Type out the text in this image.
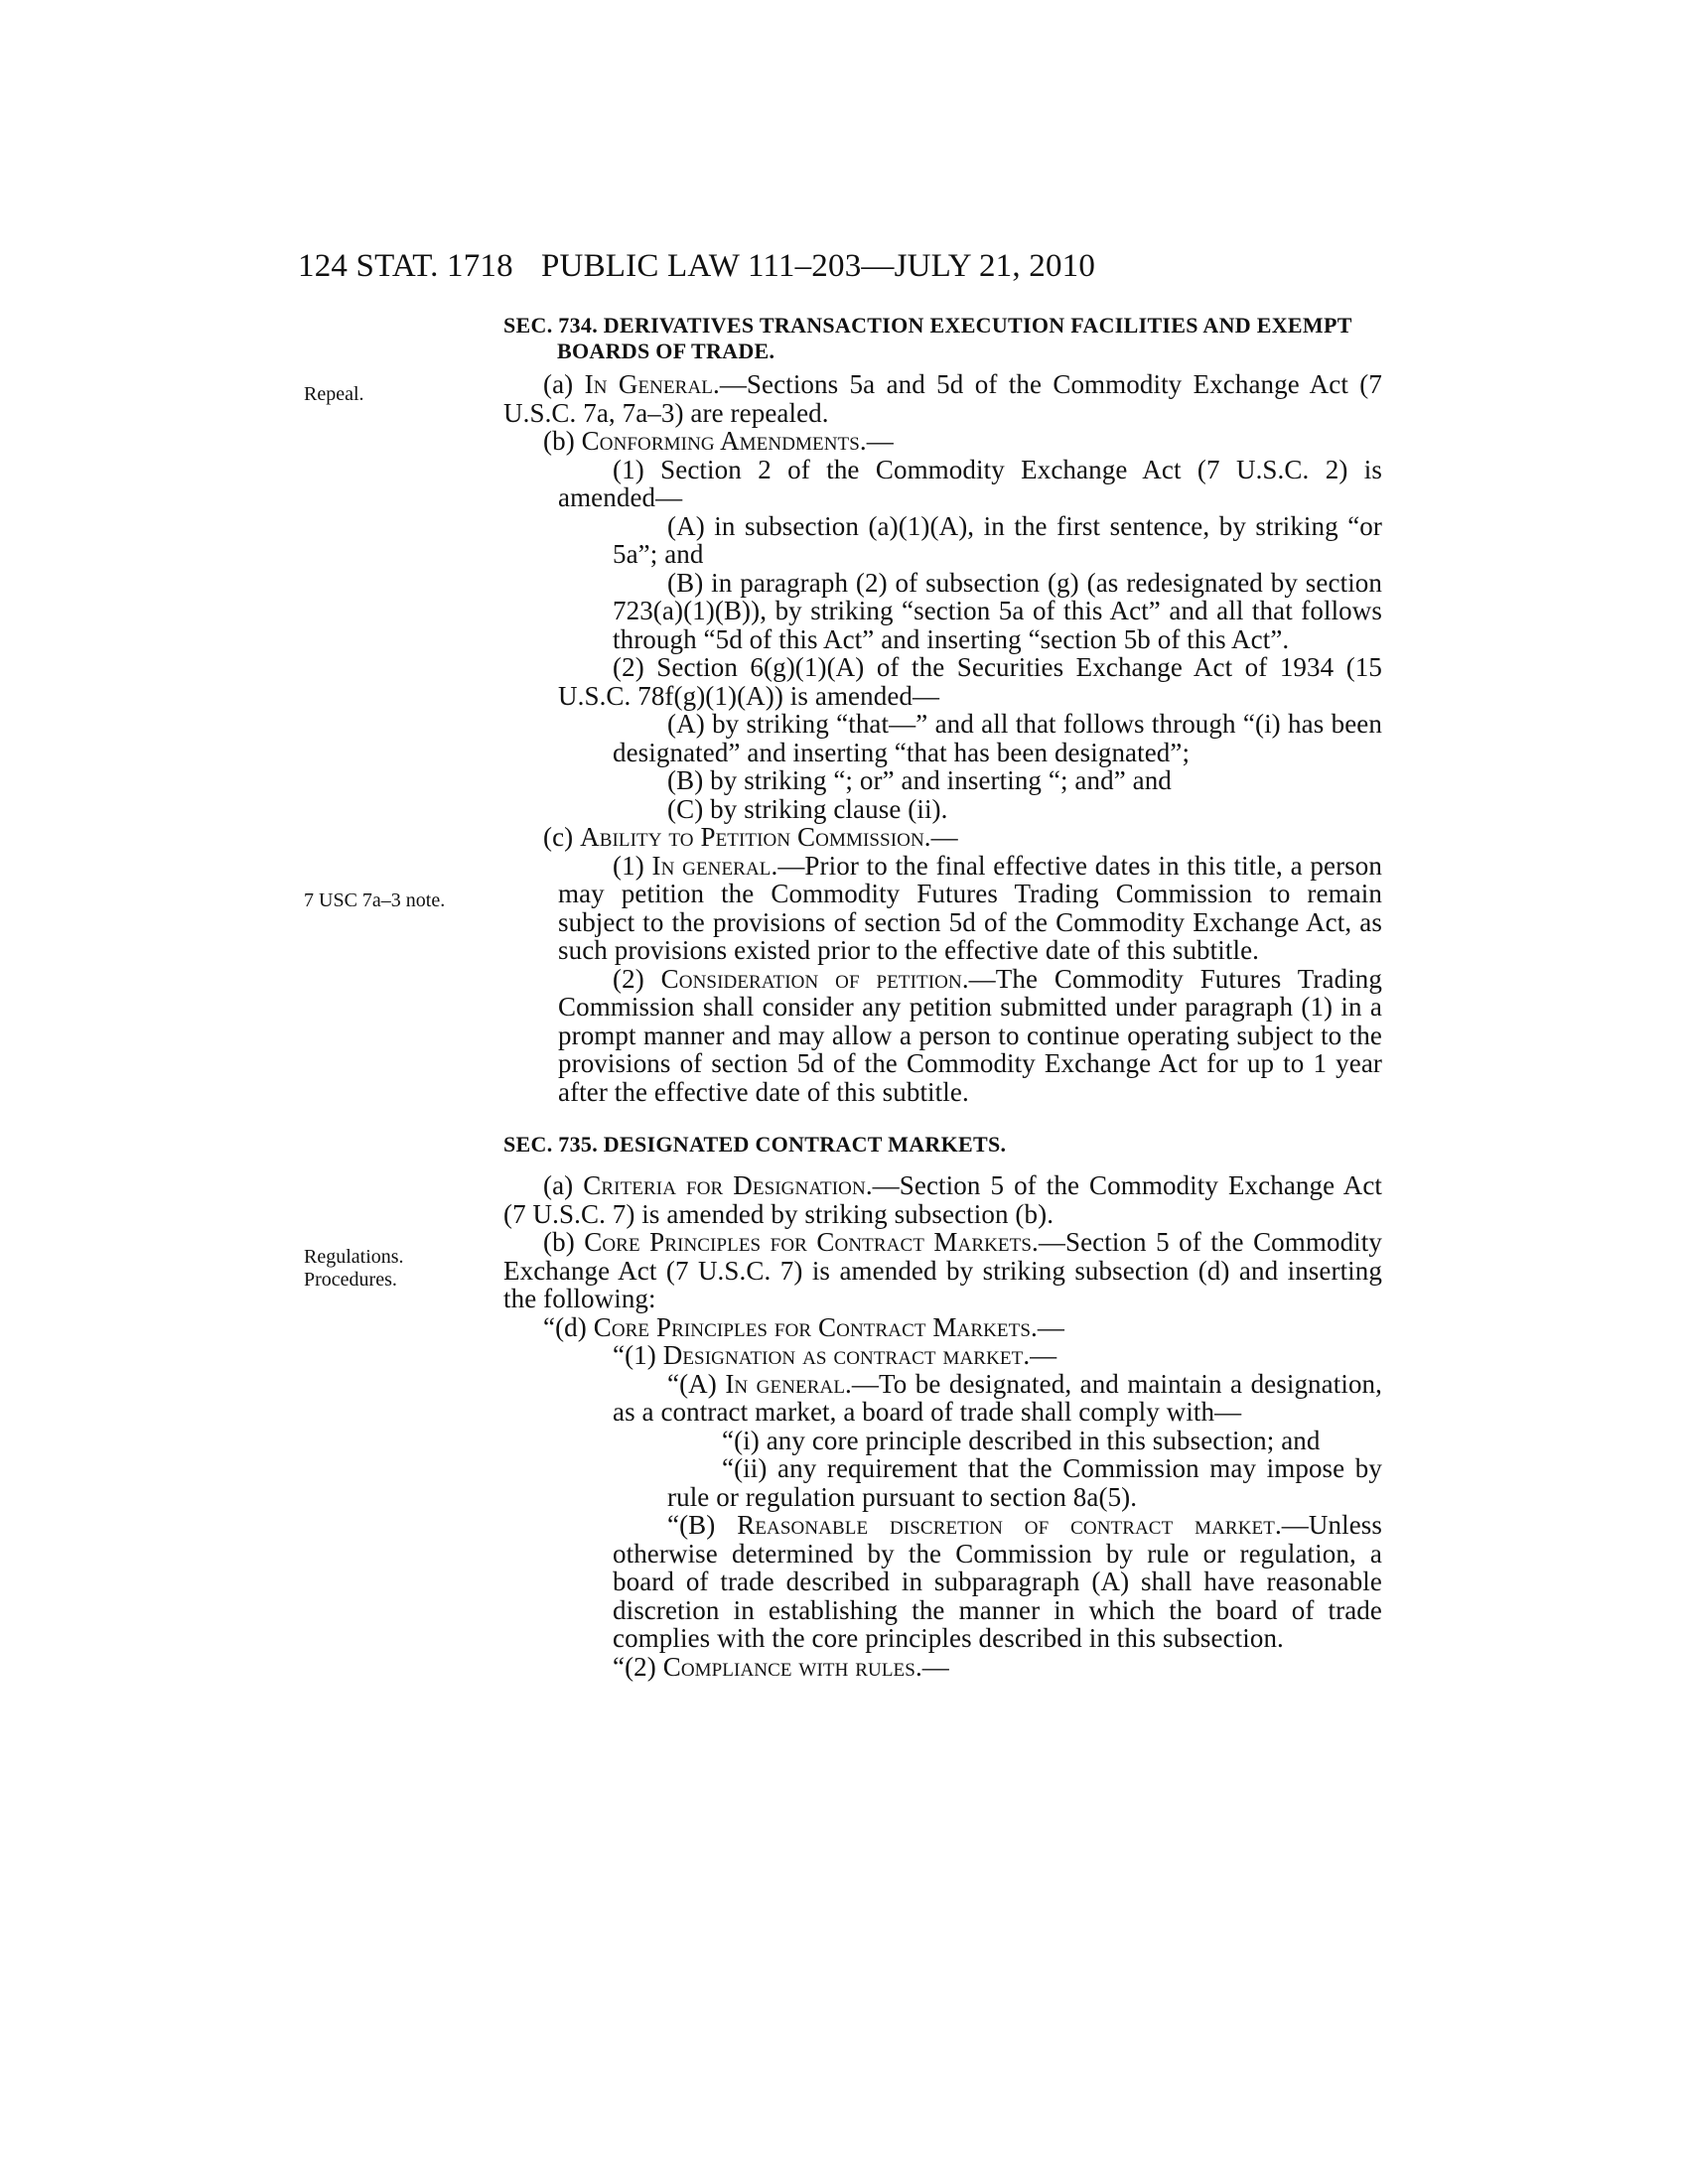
124 STAT. 1718 PUBLIC LAW 111–203—JULY 21, 2010
Repeal.
7 USC 7a–3 note.
Regulations.
Procedures.
SEC. 734. DERIVATIVES TRANSACTION EXECUTION FACILITIES AND EXEMPT BOARDS OF TRADE.

(a) In General.—Sections 5a and 5d of the Commodity Exchange Act (7 U.S.C. 7a, 7a–3) are repealed.

(b) Conforming Amendments.—

(1) Section 2 of the Commodity Exchange Act (7 U.S.C. 2) is amended—

(A) in subsection (a)(1)(A), in the first sentence, by striking “or 5a”; and

(B) in paragraph (2) of subsection (g) (as redesignated by section 723(a)(1)(B)), by striking “section 5a of this Act” and all that follows through “5d of this Act” and inserting “section 5b of this Act”.

(2) Section 6(g)(1)(A) of the Securities Exchange Act of 1934 (15 U.S.C. 78f(g)(1)(A)) is amended—

(A) by striking “that—” and all that follows through “(i) has been designated” and inserting “that has been designated”;

(B) by striking “; or” and inserting “; and” and

(C) by striking clause (ii).

(c) Ability to Petition Commission.—

(1) In general.—Prior to the final effective dates in this title, a person may petition the Commodity Futures Trading Commission to remain subject to the provisions of section 5d of the Commodity Exchange Act, as such provisions existed prior to the effective date of this subtitle.

(2) Consideration of petition.—The Commodity Futures Trading Commission shall consider any petition submitted under paragraph (1) in a prompt manner and may allow a person to continue operating subject to the provisions of section 5d of the Commodity Exchange Act for up to 1 year after the effective date of this subtitle.

SEC. 735. DESIGNATED CONTRACT MARKETS.

(a) Criteria for Designation.—Section 5 of the Commodity Exchange Act (7 U.S.C. 7) is amended by striking subsection (b).

(b) Core Principles for Contract Markets.—Section 5 of the Commodity Exchange Act (7 U.S.C. 7) is amended by striking subsection (d) and inserting the following:

“(d) Core Principles for Contract Markets.—

“(1) Designation as contract market.—

“(A) In general.—To be designated, and maintain a designation, as a contract market, a board of trade shall comply with—

“(i) any core principle described in this subsection; and

“(ii) any requirement that the Commission may impose by rule or regulation pursuant to section 8a(5).

“(B) Reasonable discretion of contract market.—Unless otherwise determined by the Commission by rule or regulation, a board of trade described in subparagraph (A) shall have reasonable discretion in establishing the manner in which the board of trade complies with the core principles described in this subsection.

“(2) Compliance with rules.—
